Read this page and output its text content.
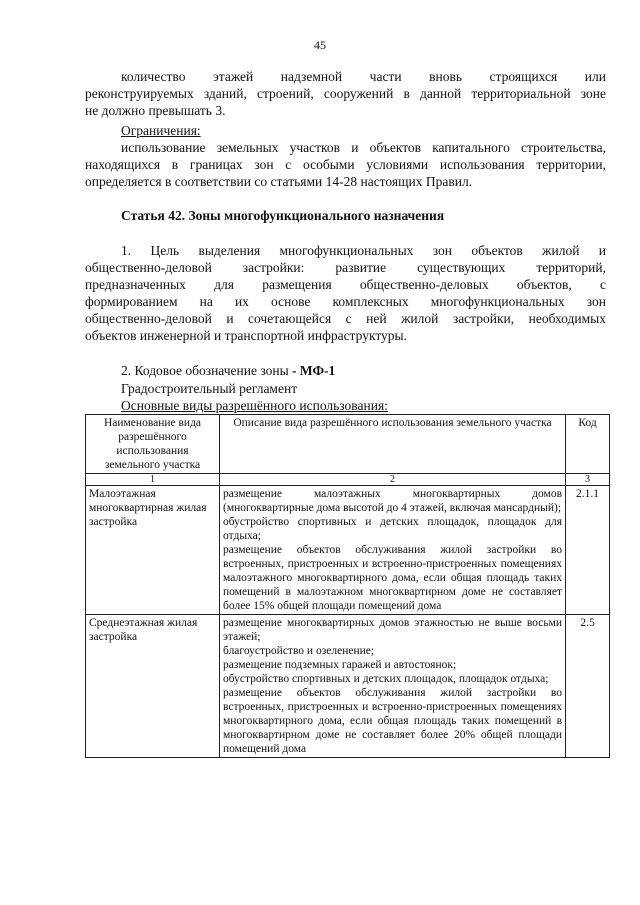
45
количество этажей надземной части вновь строящихся или
реконструируемых зданий, строений, сооружений в данной территориальной зоне
не должно превышать 3.
Ограничения:
использование земельных участков и объектов капитального строительства,
находящихся в границах зон с особыми условиями использования территории,
определяется в соответствии со статьями 14-28 настоящих Правил.
Статья 42. Зоны многофункционального назначения
1. Цель выделения многофункциональных зон объектов жилой и
общественно-деловой застройки: развитие существующих территорий,
предназначенных для размещения общественно-деловых объектов, с
формированием на их основе комплексных многофункциональных зон
общественно-деловой и сочетающейся с ней жилой застройки, необходимых
объектов инженерной и транспортной инфраструктуры.
2. Кодовое обозначение зоны - МФ-1
Градостроительный регламент
Основные виды разрешённого использования:
Наименование вида разрешённого использования земельного участка	Описание вида разрешённого использования земельного участка	Код
1	2	3
Малоэтажная многоквартирная жилая застройка	размещение малоэтажных многоквартирных домов (многоквартирные дома высотой до 4 этажей, включая мансардный);

обустройство спортивных и детских площадок, площадок для отдыха;

размещение объектов обслуживания жилой застройки во встроенных, пристроенных и встроенно-пристроенных помещениях малоэтажного многоквартирного дома, если общая площадь таких помещений в малоэтажном многоквартирном доме не составляет более 15% общей площади помещений дома	2.1.1
Среднеэтажная жилая застройка	размещение многоквартирных домов этажностью не выше восьми этажей;

благоустройство и озеленение;

размещение подземных гаражей и автостоянок;

обустройство спортивных и детских площадок, площадок отдыха;

размещение объектов обслуживания жилой застройки во встроенных, пристроенных и встроенно-пристроенных помещениях многоквартирного дома, если общая площадь таких помещений в многоквартирном доме не составляет более 20% общей площади помещений дома	2.5
